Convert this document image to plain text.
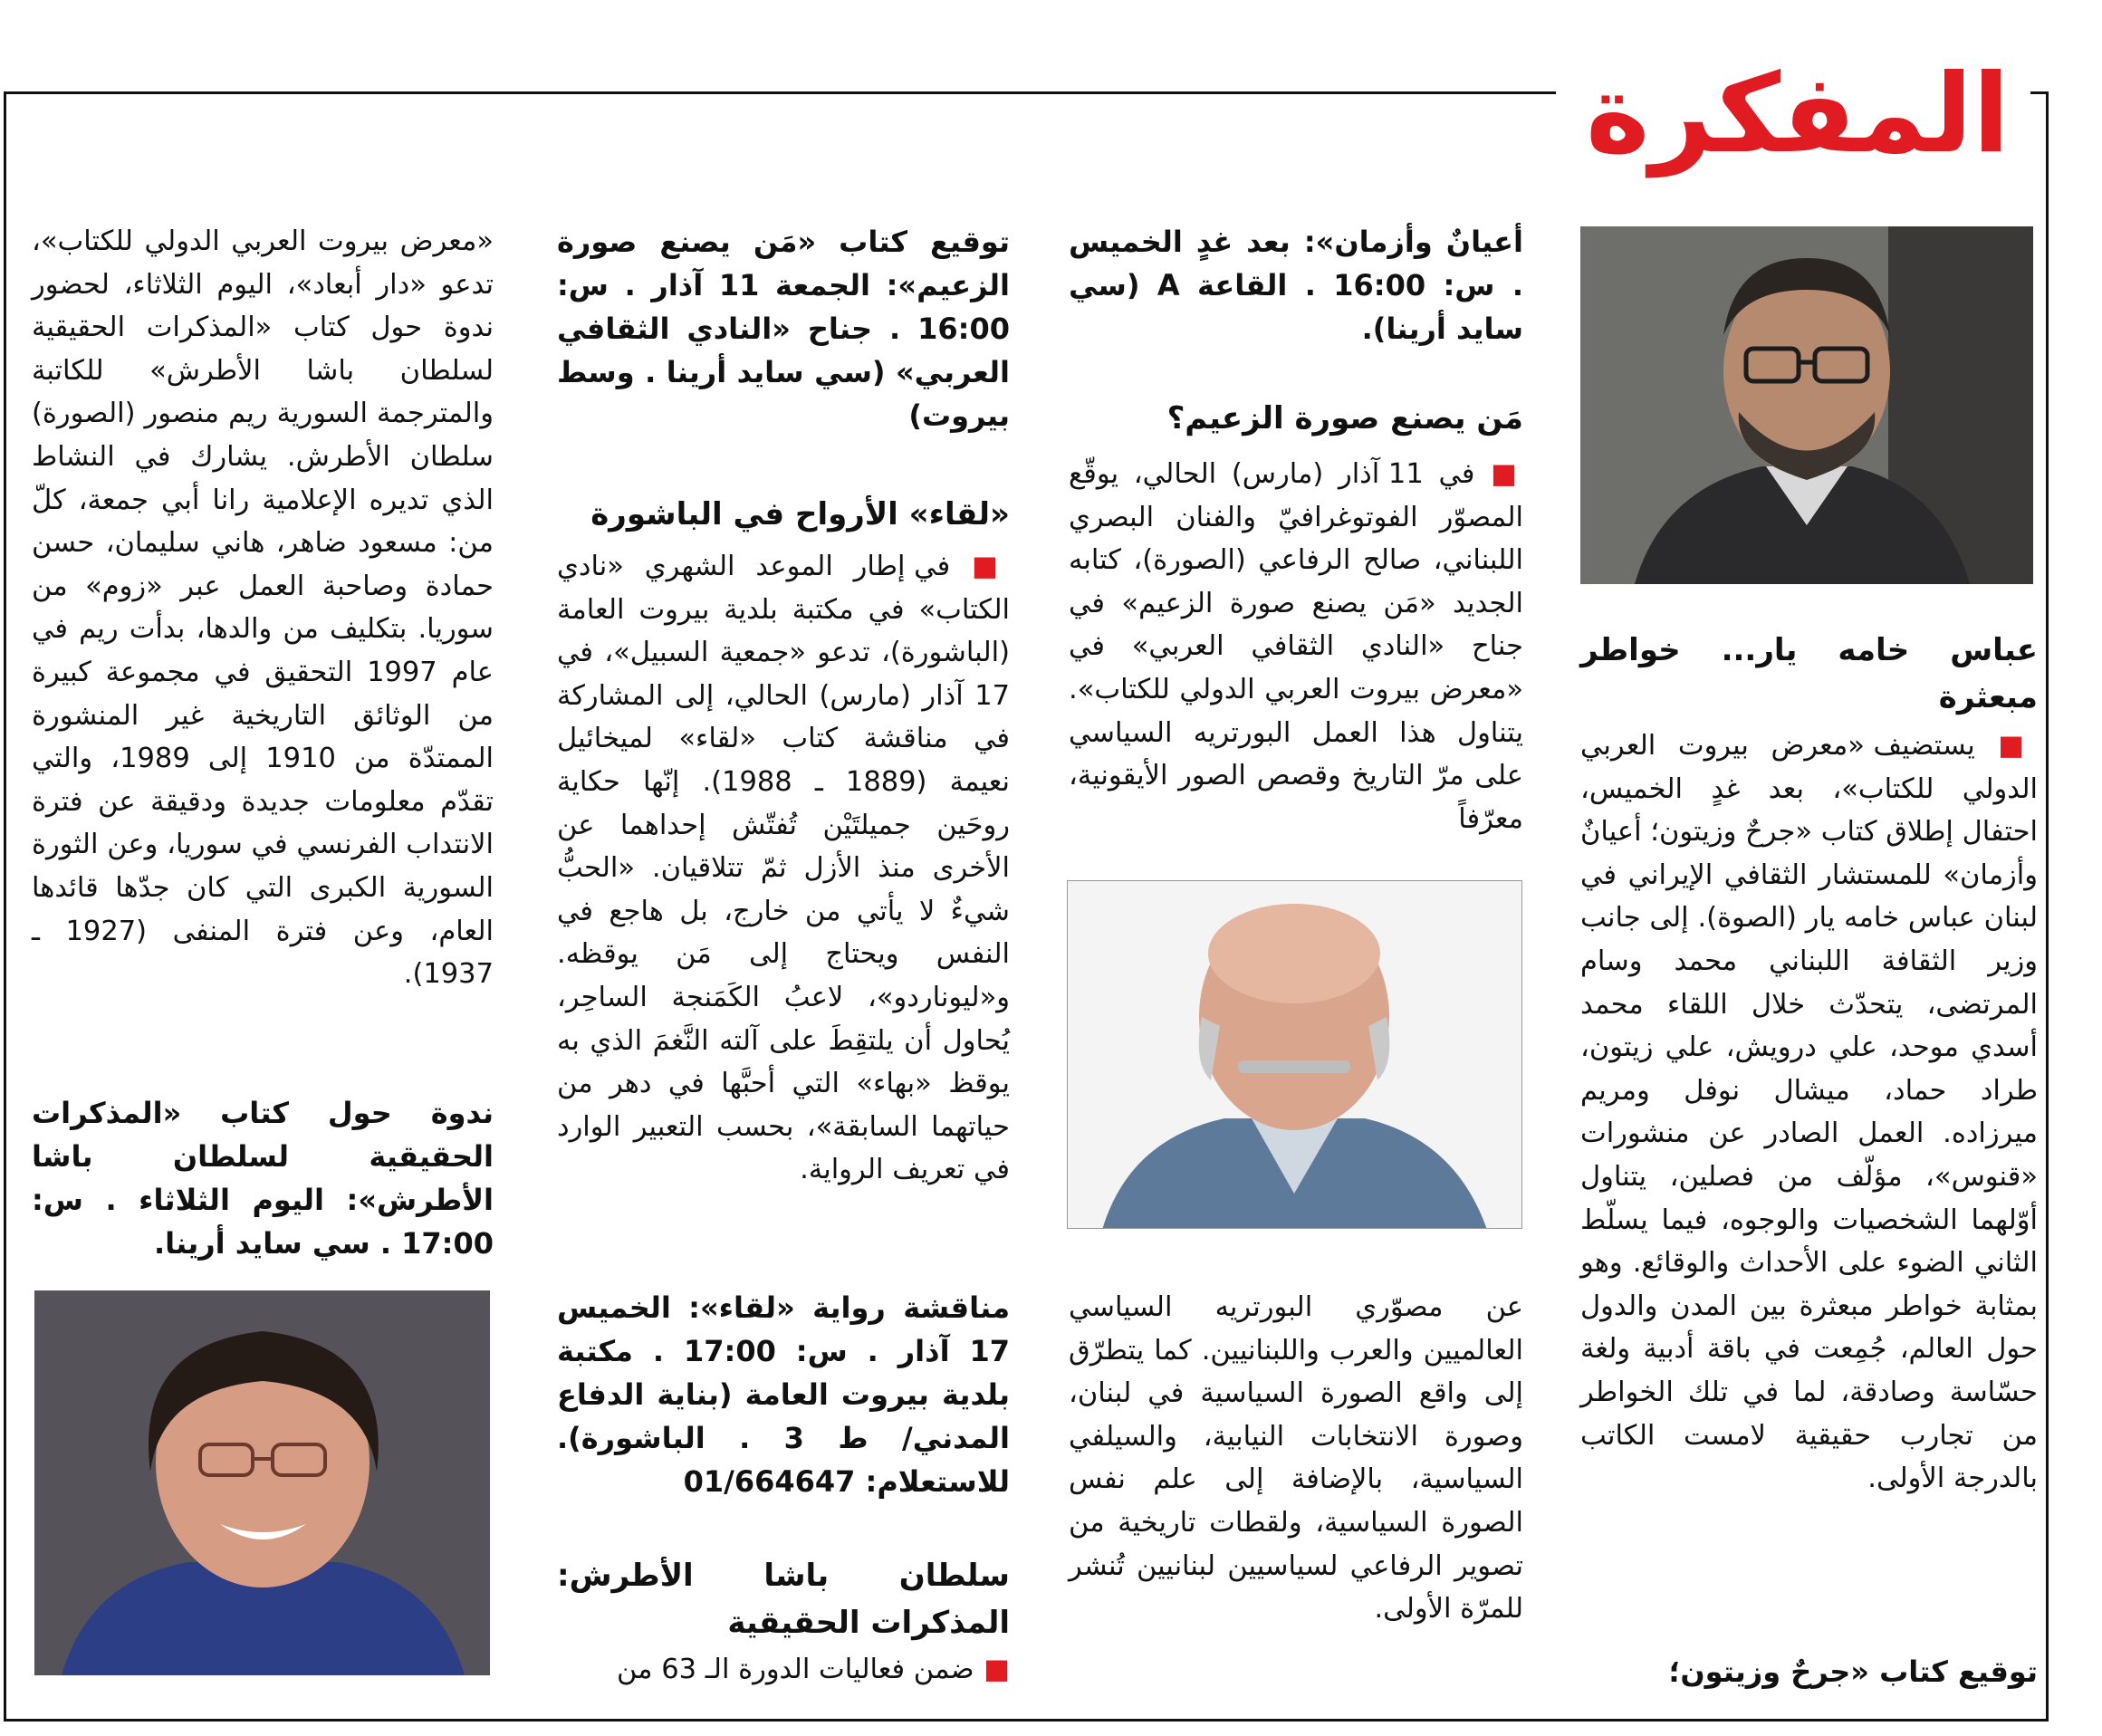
المفكرة
عباس خامه يار... خواطر مبعثرة
■ يستضيف «معرض بيروت العربي الدولي للكتاب»، بعد غدٍ الخميس، احتفال إطلاق كتاب «جرحٌ وزيتون؛ أعيانٌ وأزمان» للمستشار الثقافي الإيراني في لبنان عباس خامه يار (الصوة). إلى جانب وزير الثقافة اللبناني محمد وسام المرتضى، يتحدّث خلال اللقاء محمد أسدي موحد، علي درويش، علي زيتون، طراد حماد، ميشال نوفل ومريم ميرزاده. العمل الصادر عن منشورات «قنوس»، مؤلّف من فصلين، يتناول أوّلهما الشخصيات والوجوه، فيما يسلّط الثاني الضوء على الأحداث والوقائع. وهو بمثابة خواطر مبعثرة بين المدن والدول حول العالم، جُمِعت في باقة أدبية ولغة حسّاسة وصادقة، لما في تلك الخواطر من تجارب حقيقية لامست الكاتب بالدرجة الأولى.
توقيع كتاب «جرحٌ وزيتون؛
أعيانٌ وأزمان»: بعد غدٍ الخميس . س: 16:00 . القاعة A (سي سايد أرينا).
مَن يصنع صورة الزعيم؟
■ في 11 آذار (مارس) الحالي، يوقّع المصوّر الفوتوغرافيّ والفنان البصري اللبناني، صالح الرفاعي (الصورة)، كتابه الجديد «مَن يصنع صورة الزعيم» في جناح «النادي الثقافي العربي» في «معرض بيروت العربي الدولي للكتاب». يتناول هذا العمل البورتريه السياسي على مرّ التاريخ وقصص الصور الأيقونية، معرّفاً
عن مصوّري البورتريه السياسي العالميين والعرب واللبنانيين. كما يتطرّق إلى واقع الصورة السياسية في لبنان، وصورة الانتخابات النيابية، والسيلفي السياسية، بالإضافة إلى علم نفس الصورة السياسية، ولقطات تاريخية من تصوير الرفاعي لسياسيين لبنانيين تُنشر للمرّة الأولى.
توقيع كتاب «مَن يصنع صورة الزعيم»: الجمعة 11 آذار . س: 16:00 . جناح «النادي الثقافي العربي» (سي سايد أرينا . وسط بيروت)
«لقاء» الأرواح في الباشورة
■ في إطار الموعد الشهري «نادي الكتاب» في مكتبة بلدية بيروت العامة (الباشورة)، تدعو «جمعية السبيل»، في 17 آذار (مارس) الحالي، إلى المشاركة في مناقشة كتاب «لقاء» لميخائيل نعيمة (1889 ـ 1988). إنّها حكاية روحَين جميلتَيْن تُفتّش إحداهما عن الأخرى منذ الأزل ثمّ تتلاقيان. «الحبُّ شيءٌ لا يأتي من خارج، بل هاجع في النفس ويحتاج إلى مَن يوقظه. و«ليوناردو»، لاعبُ الكَمَنجة الساحِر، يُحاول أن يلتقِطَ على آلته النَّغمَ الذي به يوقظ «بهاء» التي أحبَّها في دهر من حياتهما السابقة»، بحسب التعبير الوارد في تعريف الرواية.
مناقشة رواية «لقاء»: الخميس 17 آذار . س: 17:00 . مكتبة بلدية بيروت العامة (بناية الدفاع المدني/ ط 3 . الباشورة). للاستعلام: 01/664647
سلطان باشا الأطرش: المذكرات الحقيقية
■ ضمن فعاليات الدورة الـ 63 من
«معرض بيروت العربي الدولي للكتاب»، تدعو «دار أبعاد»، اليوم الثلاثاء، لحضور ندوة حول كتاب «المذكرات الحقيقية لسلطان باشا الأطرش» للكاتبة والمترجمة السورية ريم منصور (الصورة) سلطان الأطرش. يشارك في النشاط الذي تديره الإعلامية رانا أبي جمعة، كلّ من: مسعود ضاهر، هاني سليمان، حسن حمادة وصاحبة العمل عبر «زوم» من سوريا. بتكليف من والدها، بدأت ريم في عام 1997 التحقيق في مجموعة كبيرة من الوثائق التاريخية غير المنشورة الممتدّة من 1910 إلى 1989، والتي تقدّم معلومات جديدة ودقيقة عن فترة الانتداب الفرنسي في سوريا، وعن الثورة السورية الكبرى التي كان جدّها قائدها العام، وعن فترة المنفى (1927 ـ 1937).
ندوة حول كتاب «المذكرات الحقيقية لسلطان باشا الأطرش»: اليوم الثلاثاء . س: 17:00 . سي سايد أرينا.
